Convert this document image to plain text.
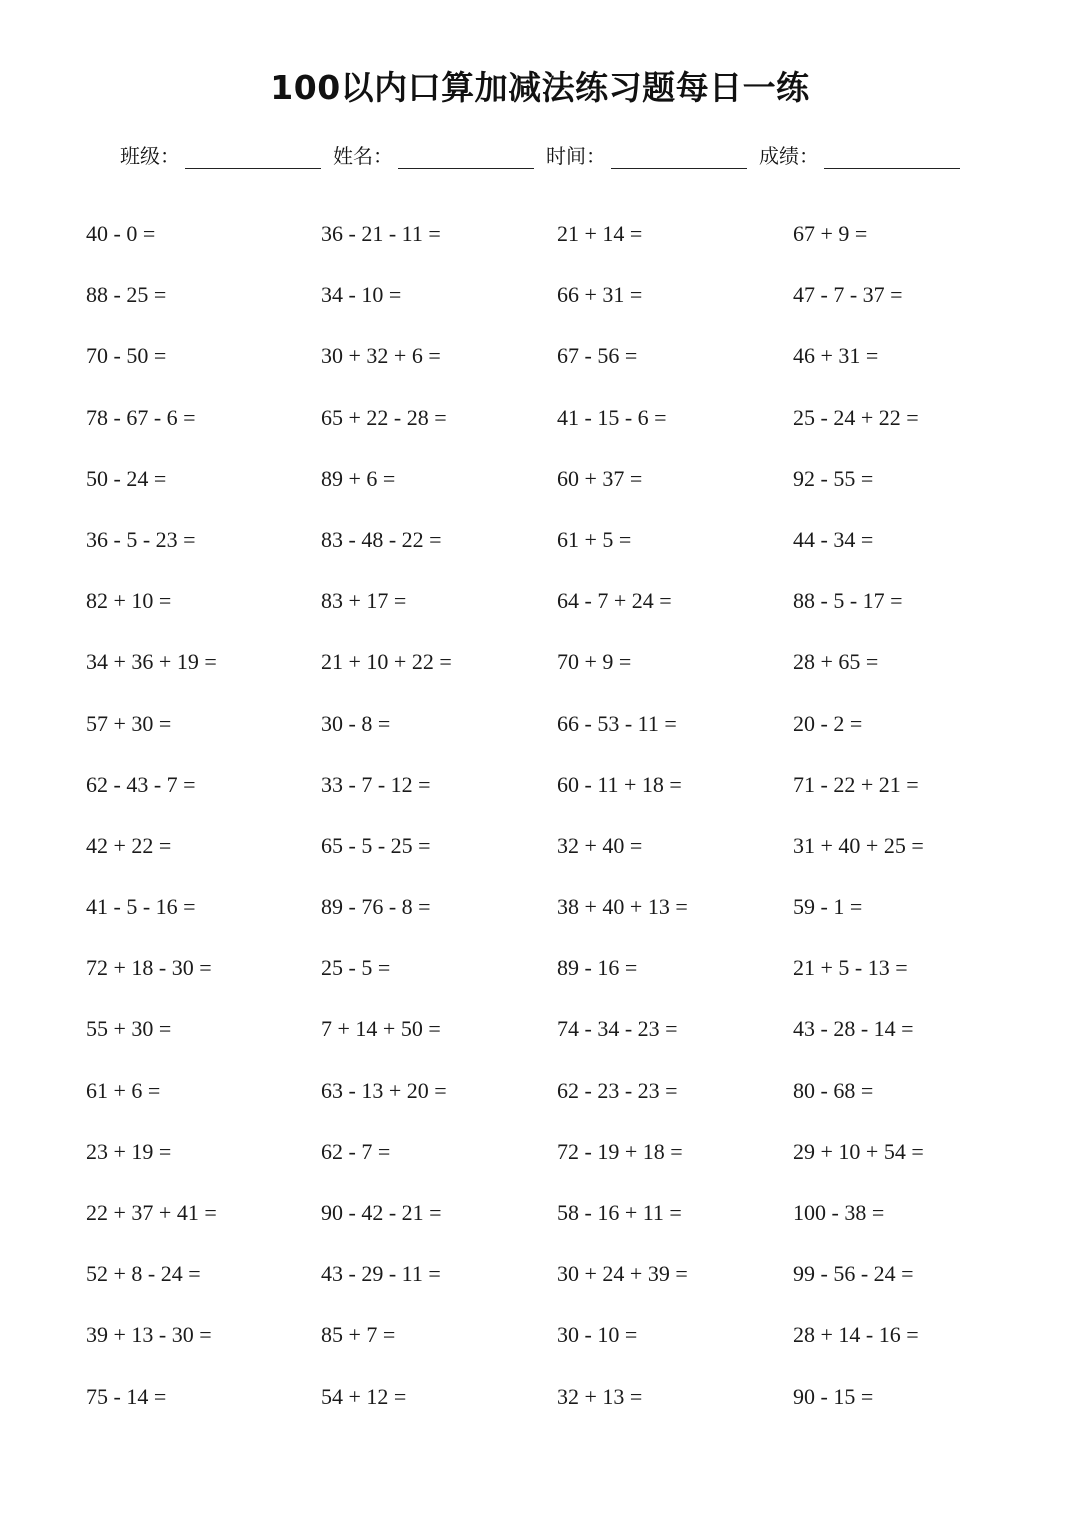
100以内口算加减法练习题每日一练
班级：	姓名：	时间：	成绩：
40 - 0 =	36 - 21 - 11 =	21 + 14 =	67 + 9 =
88 - 25 =	34 - 10 =	66 + 31 =	47 - 7 - 37 =
70 - 50 =	30 + 32 + 6 =	67 - 56 =	46 + 31 =
78 - 67 - 6 =	65 + 22 - 28 =	41 - 15 - 6 =	25 - 24 + 22 =
50 - 24 =	89 + 6 =	60 + 37 =	92 - 55 =
36 - 5 - 23 =	83 - 48 - 22 =	61 + 5 =	44 - 34 =
82 + 10 =	83 + 17 =	64 - 7 + 24 =	88 - 5 - 17 =
34 + 36 + 19 =	21 + 10 + 22 =	70 + 9 =	28 + 65 =
57 + 30 =	30 - 8 =	66 - 53 - 11 =	20 - 2 =
62 - 43 - 7 =	33 - 7 - 12 =	60 - 11 + 18 =	71 - 22 + 21 =
42 + 22 =	65 - 5 - 25 =	32 + 40 =	31 + 40 + 25 =
41 - 5 - 16 =	89 - 76 - 8 =	38 + 40 + 13 =	59 - 1 =
72 + 18 - 30 =	25 - 5 =	89 - 16 =	21 + 5 - 13 =
55 + 30 =	7 + 14 + 50 =	74 - 34 - 23 =	43 - 28 - 14 =
61 + 6 =	63 - 13 + 20 =	62 - 23 - 23 =	80 - 68 =
23 + 19 =	62 - 7 =	72 - 19 + 18 =	29 + 10 + 54 =
22 + 37 + 41 =	90 - 42 - 21 =	58 - 16 + 11 =	100 - 38 =
52 + 8 - 24 =	43 - 29 - 11 =	30 + 24 + 39 =	99 - 56 - 24 =
39 + 13 - 30 =	85 + 7 =	30 - 10 =	28 + 14 - 16 =
75 - 14 =	54 + 12 =	32 + 13 =	90 - 15 =
